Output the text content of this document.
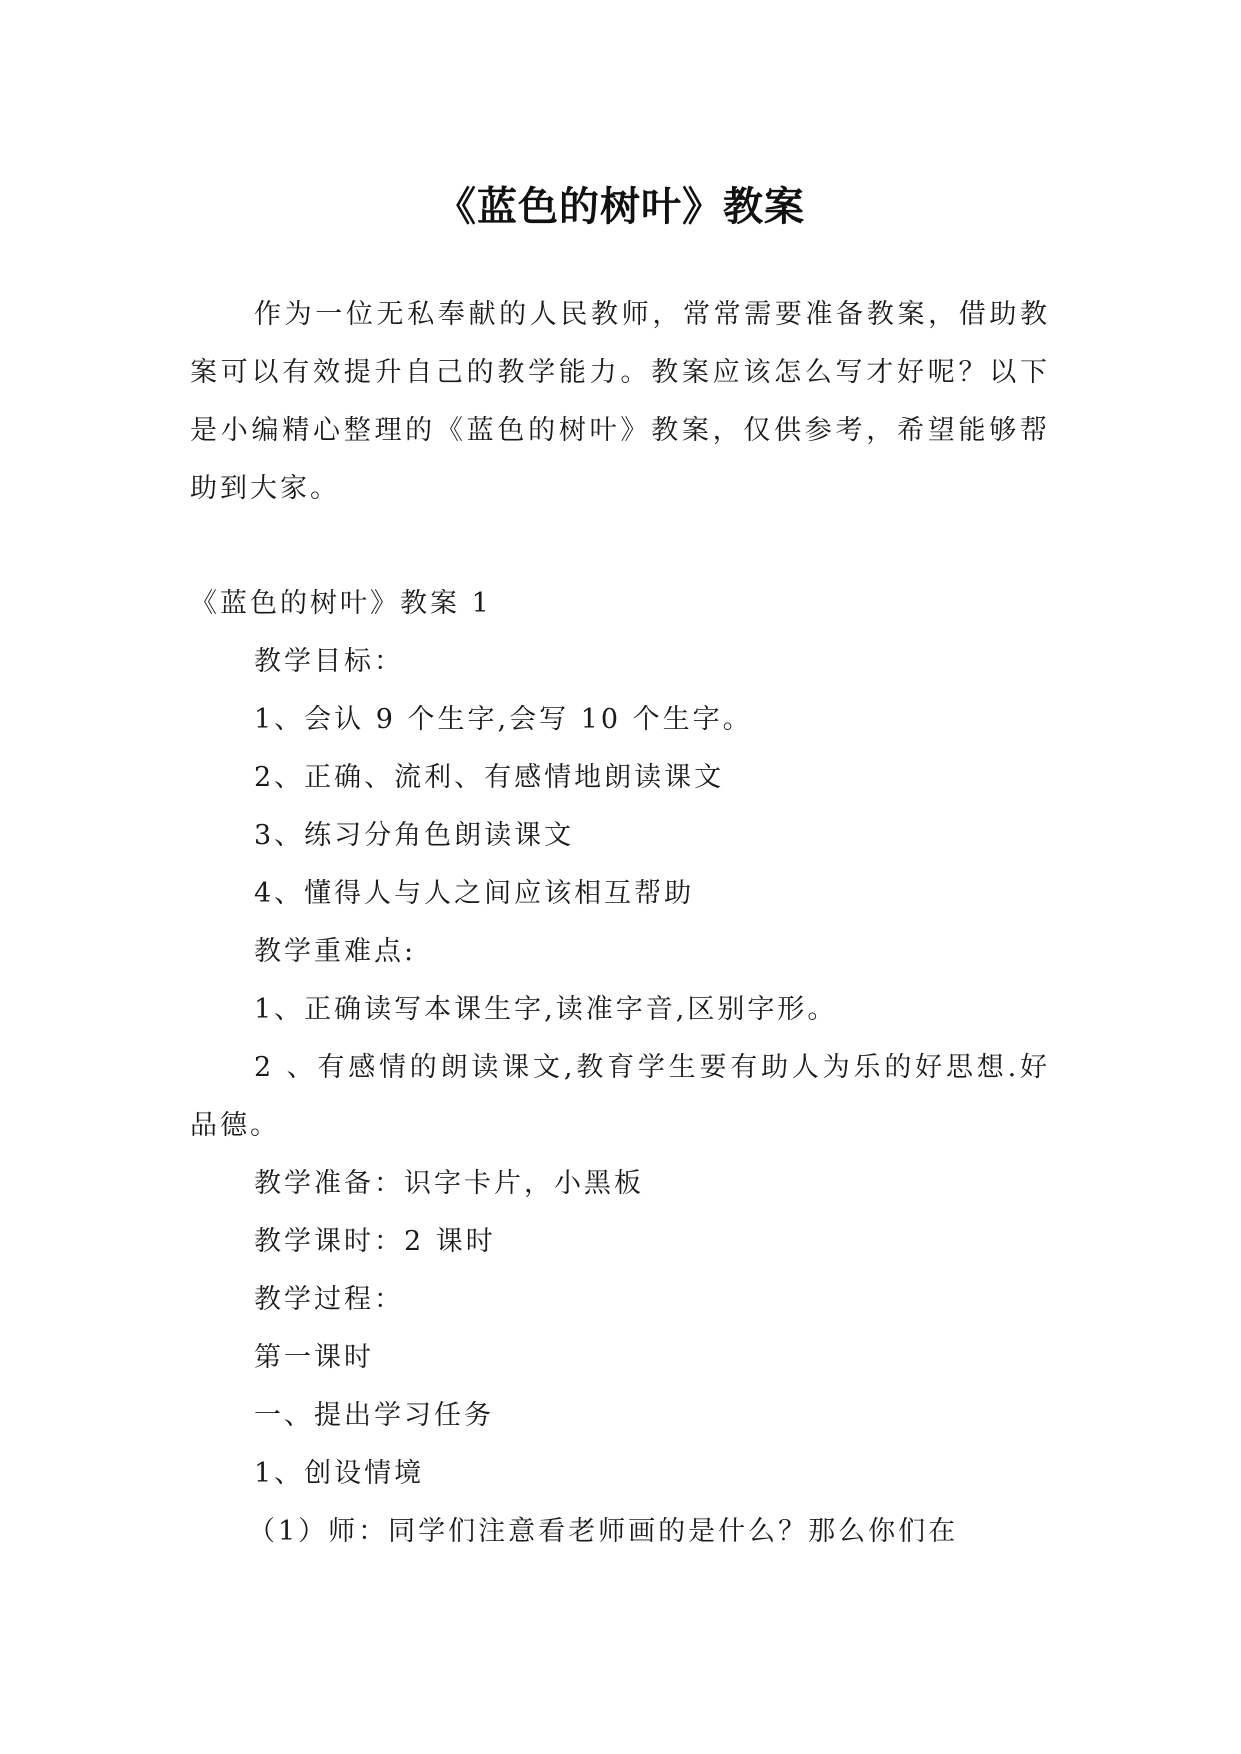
《蓝色的树叶》教案

作为一位无私奉献的人民教师，常常需要准备教案，借助教案可以有效提升自己的教学能力。教案应该怎么写才好呢？以下是小编精心整理的《蓝色的树叶》教案，仅供参考，希望能够帮助到大家。

《蓝色的树叶》教案 1

教学目标：

1、会认 9 个生字,会写 10 个生字。

2、正确、流利、有感情地朗读课文

3、练习分角色朗读课文

4、懂得人与人之间应该相互帮助

教学重难点:

1、正确读写本课生字,读准字音,区别字形。

2 、有感情的朗读课文,教育学生要有助人为乐的好思想.好品德。

教学准备：识字卡片，小黑板

教学课时：2 课时

教学过程：

第一课时

一、提出学习任务

1、创设情境

（1）师：同学们注意看老师画的是什么？那么你们在
